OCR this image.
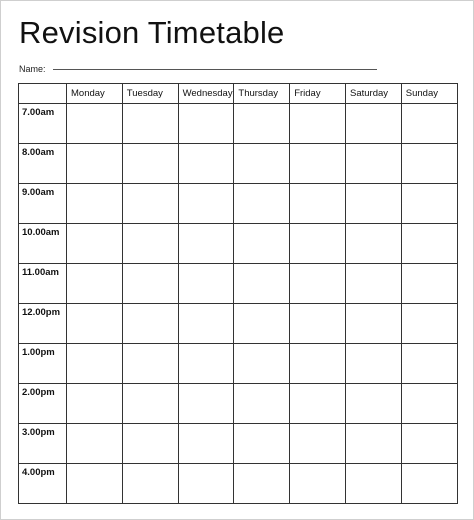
Revision Timetable
Name:
	Monday	Tuesday	Wednesday	Thursday	Friday	Saturday	Sunday
7.00am							
8.00am							
9.00am							
10.00am							
11.00am							
12.00pm							
1.00pm							
2.00pm							
3.00pm							
4.00pm							
